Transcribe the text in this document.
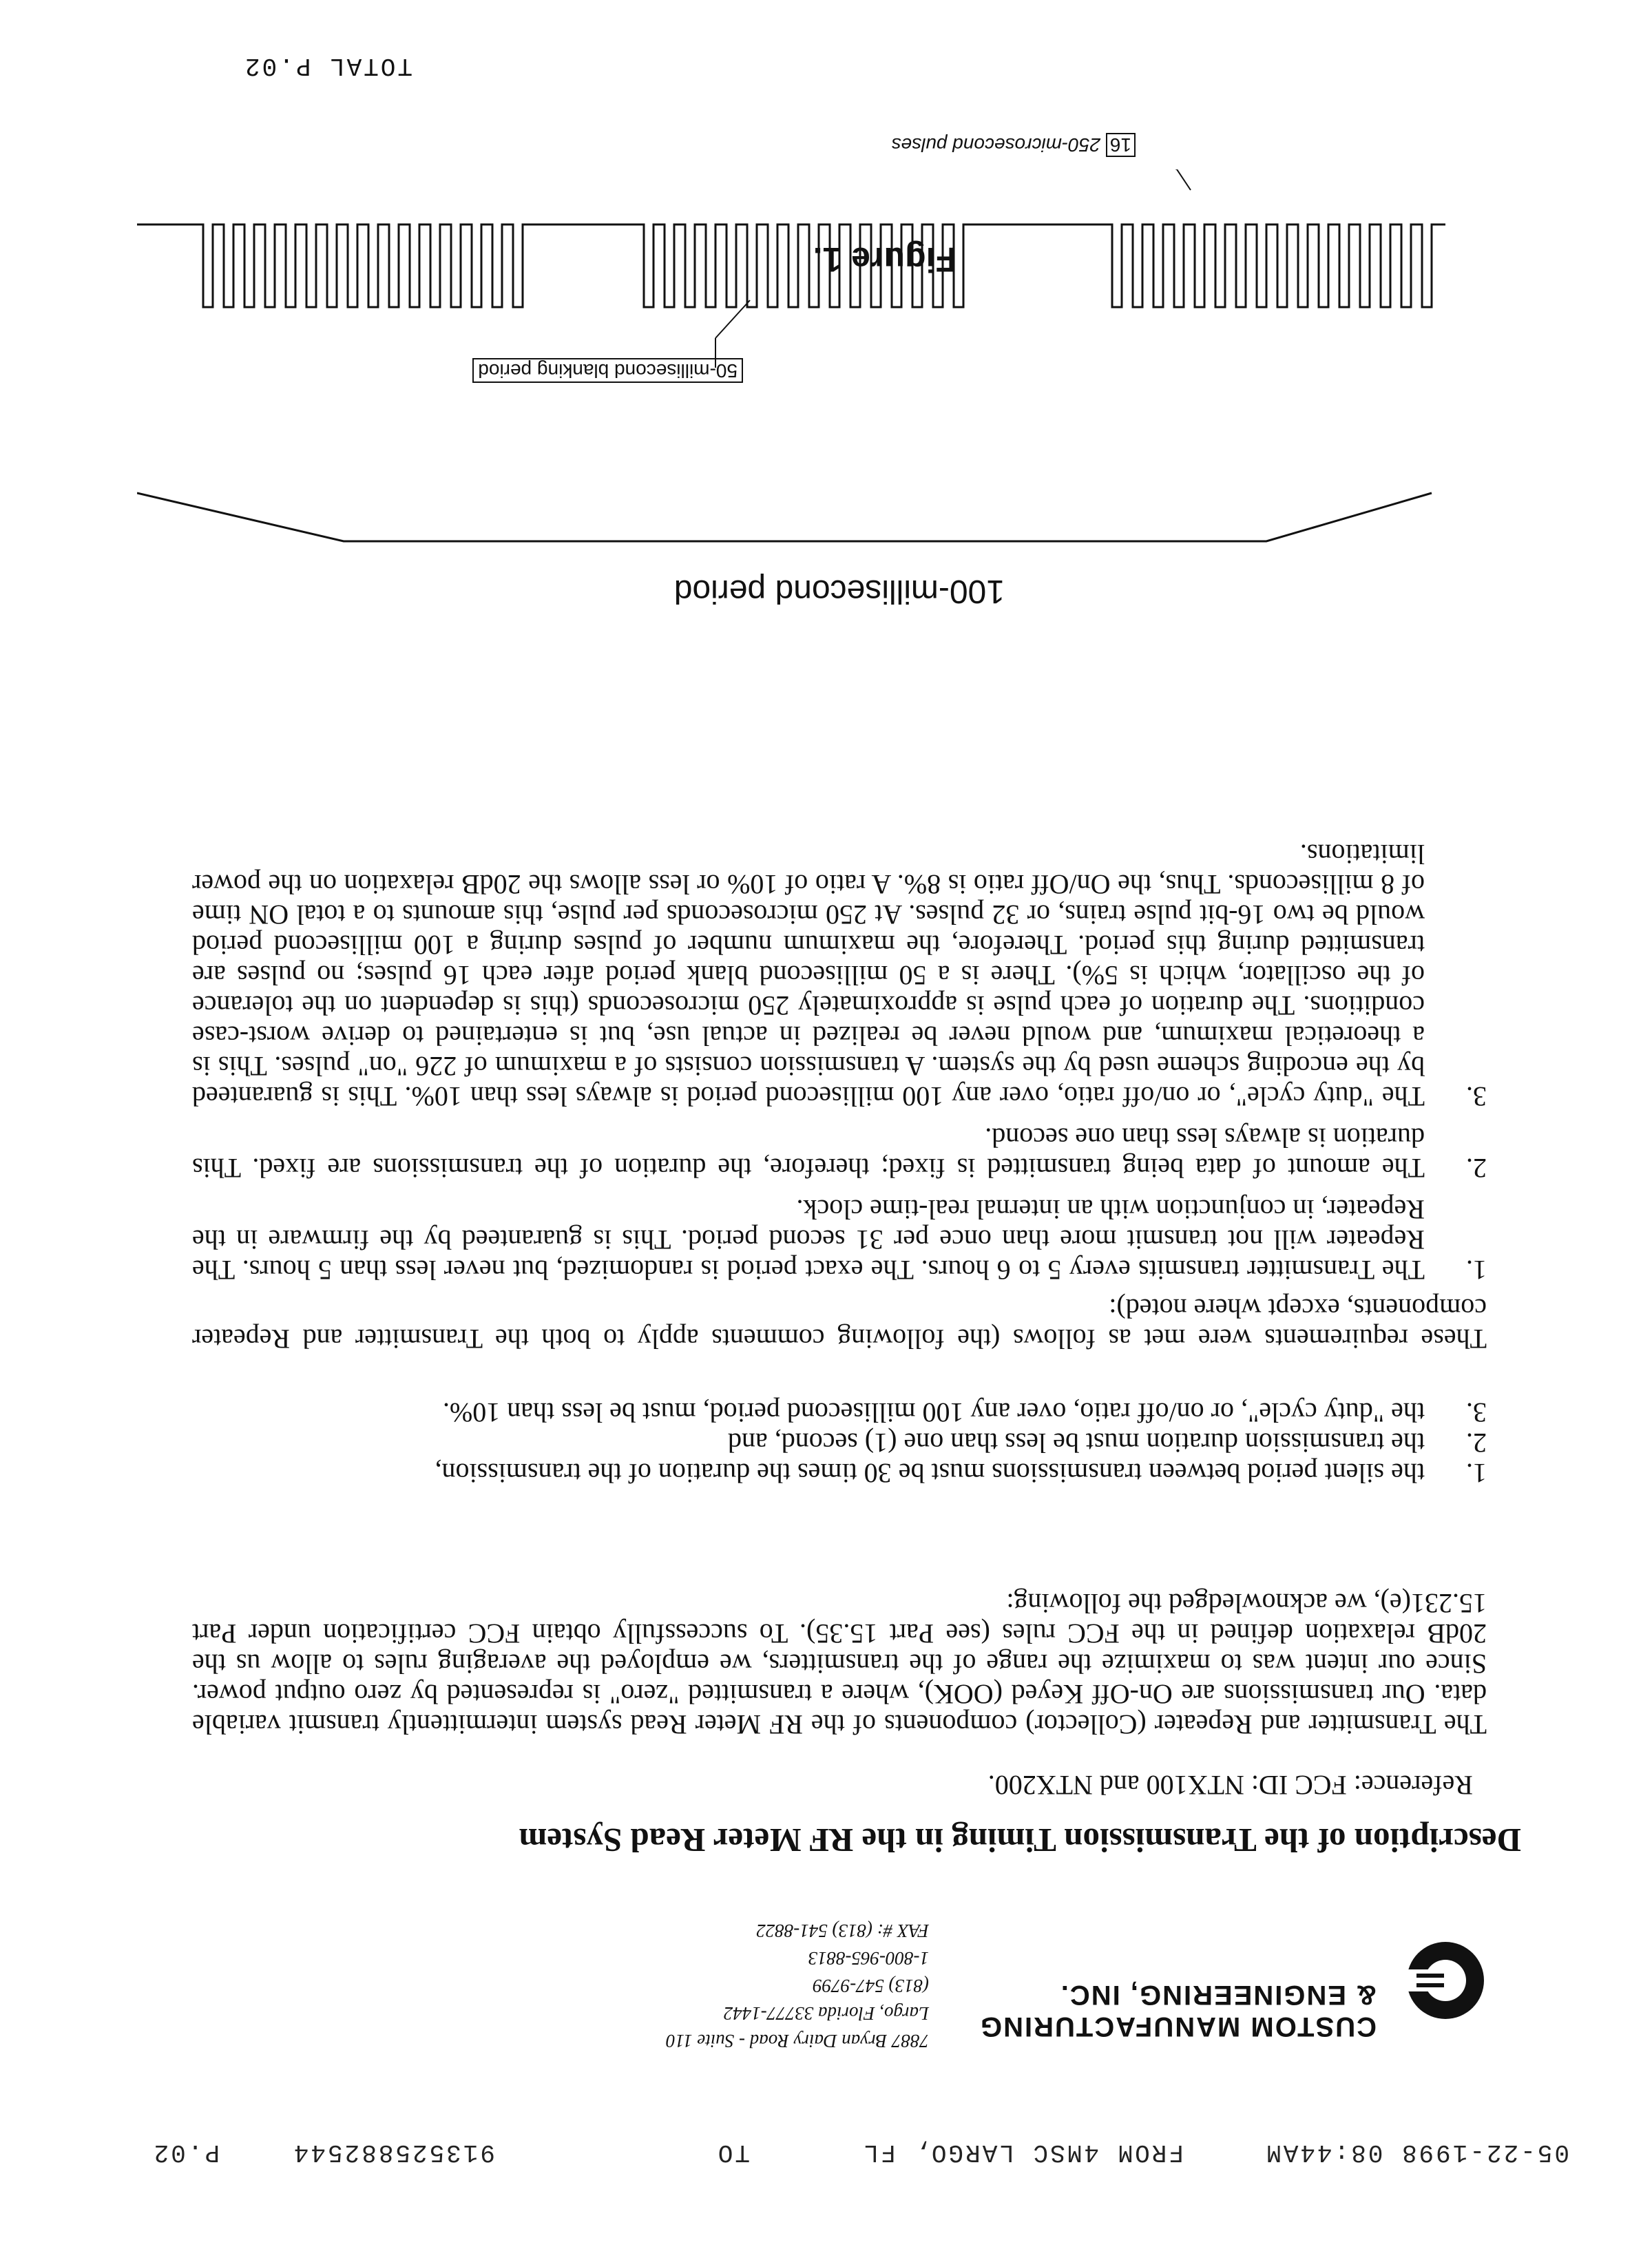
05-22-1998 08:44AM
FROM 4MSC LARGO, FL
TO
913525882544
P.02
CUSTOM MANUFACTURING
& ENGINEERING, INC.
7887 Bryan Dairy Road - Suite 110
Largo, Florida 33777-1442
(813) 547-9799
1-800-965-8813
FAX #: (813) 541-8822
Description of the Transmission Timing in the RF Meter Read System
Reference: FCC ID: NTX100 and NTX200.
The Transmitter and Repeater (Collector) components of the RF Meter Read system intermittently transmit variable data. Our transmissions are On-Off Keyed (OOK), where a transmitted "zero" is represented by zero output power. Since our intent was to maximize the range of the transmitters, we employed the averaging rules to allow us the 20dB relaxation defined in the FCC rules (see Part 15.35). To successfully obtain FCC certification under Part 15.231(e), we acknowledged the following:
1.
the silent period between transmissions must be 30 times the duration of the transmission,
2.
the transmission duration must be less than one (1) second, and
3.
the "duty cycle", or on/off ratio, over any 100 millisecond period, must be less than 10%.
These requirements were met as follows (the following comments apply to both the Transmitter and Repeater components, except where noted):
1.
The Transmitter transmits every 5 to 6 hours. The exact period is randomized, but never less than 5 hours. The Repeater will not transmit more than once per 31 second period. This is guaranteed by the firmware in the Repeater, in conjunction with an internal real-time clock.
2.
The amount of data being transmitted is fixed; therefore, the duration of the transmissions are fixed. This duration is always less than one second.
3.
The "duty cycle", or on/off ratio, over any 100 millisecond period is always less than 10%. This is guaranteed by the encoding scheme used by the system. A transmission consists of a maximum of 226 "on" pulses. This is a theoretical maximum, and would never be realized in actual use, but is entertained to derive worst-case conditions. The duration of each pulse is approximately 250 microseconds (this is dependent on the tolerance of the oscillator, which is 5%). There is a 50 millisecond blank period after each 16 pulses; no pulses are transmitted during this period. Therefore, the maximum number of pulses during a 100 millisecond period would be two 16-bit pulse trains, or 32 pulses. At 250 microseconds per pulse, this amounts to a total ON time of 8 milliseconds. Thus, the On/Off ratio is 8%. A ratio of 10% or less allows the 20dB relaxation on the power limitations.
100-millisecond period
50-millisecond blanking period
16 250-microsecond pulses
Figure 1.
TOTAL P.02
